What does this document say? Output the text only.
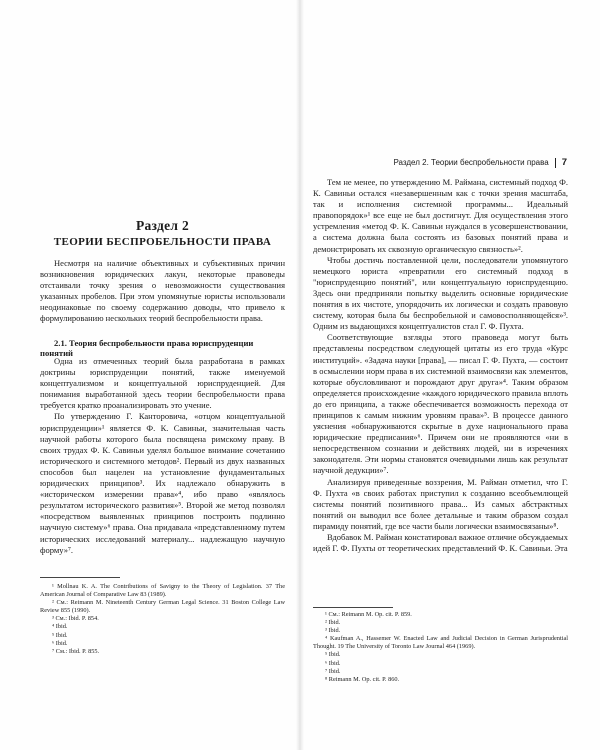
Раздел 2
ТЕОРИИ БЕСПРОБЕЛЬНОСТИ ПРАВА

Несмотря на наличие объективных и субъективных причин возникновения юридических лакун, некоторые правоведы отстаивали точку зрения о невозможности существования указанных пробелов. При этом упомянутые юристы использовали неодинаковые по своему содержанию доводы, что привело к формулированию нескольких теорий беспробельности права.

2.1. Теория беспробельности права юриспруденции понятий

Одна из отмеченных теорий была разработана в рамках доктрины юриспруденции понятий, также именуемой концептуализмом и концептуальной юриспруденцией. Для понимания выработанной здесь теории беспробельности права требуется кратко проанализировать это учение.

По утверждению Г. Канторовича, «отцом концептуальной юриспруденции»¹ является Ф. К. Савиньи, значительная часть научной работы которого была посвящена римскому праву. В своих трудах Ф. К. Савиньи уделял большое внимание сочетанию исторического и системного методов². Первый из двух названных способов был нацелен на установление фундаментальных юридических принципов³. Их надлежало обнаружить в «историческом измерении права»⁴, ибо право «являлось результатом исторического развития»⁵. Второй же метод позволял «посредством выявленных принципов построить подлинно научную систему»⁶ права. Она придавала «представленному путем исторических исследований материалу... надлежащую научную форму»⁷.

¹ Mollnau K. A. The Contributions of Savigny to the Theory of Legislation. 37 The American Journal of Comparative Law 83 (1989).

² См.: Reimann M. Nineteenth Century German Legal Science. 31 Boston College Law Review 855 (1990).

³ См.: Ibid. P. 854.

⁴ Ibid.

⁵ Ibid.

⁶ Ibid.

⁷ См.: Ibid. P. 855.

Раздел 2. Теории беспробельности права 7

Тем не менее, по утверждению М. Раймана, системный подход Ф. К. Савиньи остался «незавершенным как с точки зрения масштаба, так и исполнения системной программы... Идеальный правопорядок»¹ все еще не был достигнут. Для осуществления этого устремления «метод Ф. К. Савиньи нуждался в усовершенствовании, а система должна была состоять из базовых понятий права и демонстрировать их сквозную органическую связность»².

Чтобы достичь поставленной цели, последователи упомянутого немецкого юриста «превратили его системный подход в "юриспруденцию понятий", или концептуальную юриспруденцию. Здесь они предприняли попытку выделить основные юридические понятия в их чистоте, упорядочить их логически и создать правовую систему, которая была бы беспробельной и самовосполняющейся»³. Одним из выдающихся концептуалистов стал Г. Ф. Пухта.

Соответствующие взгляды этого правоведа могут быть представлены посредством следующей цитаты из его труда «Курс институций». «Задача науки [права], — писал Г. Ф. Пухта, — состоит в осмыслении норм права в их системной взаимосвязи как элементов, которые обусловливают и порождают друг друга»⁴. Таким образом определяется происхождение «каждого юридического правила вплоть до его принципа, а также обеспечивается возможность перехода от принципов к самым нижним уровням права»⁵. В процессе данного уяснения «обнаруживаются скрытые в духе национального права юридические предписания»⁶. Причем они не проявляются «ни в непосредственном сознании и действиях людей, ни в изречениях законодателя. Эти нормы становятся очевидными лишь как результат научной дедукции»⁷.

Анализируя приведенные воззрения, М. Райман отметил, что Г. Ф. Пухта «в своих работах приступил к созданию всеобъемлющей системы понятий позитивного права... Из самых абстрактных понятий он выводил все более детальные и таким образом создал пирамиду понятий, где все части были логически взаимосвязаны»⁸.

Вдобавок М. Райман констатировал важное отличие обсуждаемых идей Г. Ф. Пухты от теоретических представлений Ф. К. Савиньи. Эта

¹ См.: Reimann M. Op. cit. P. 859.

² Ibid.

³ Ibid.

⁴ Kaufman A., Hassemer W. Enacted Law and Judicial Decision in German Jurisprudential Thought. 19 The University of Toronto Law Journal 464 (1969).

⁵ Ibid.

⁶ Ibid.

⁷ Ibid.

⁸ Reimann M. Op. cit. P. 860.
